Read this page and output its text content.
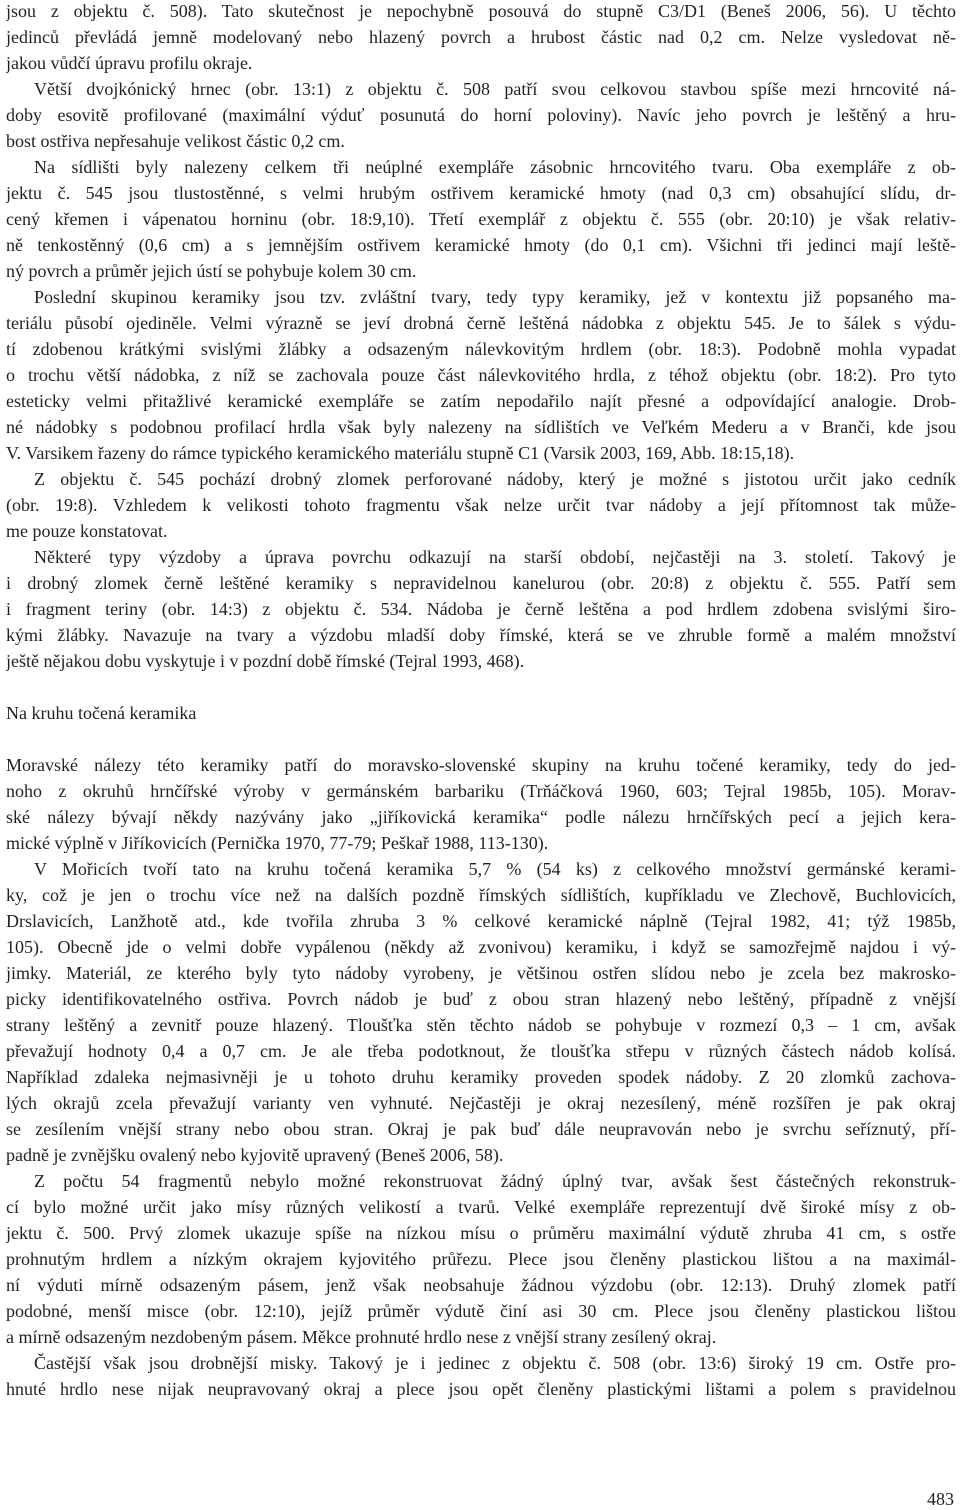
jsou z objektu č. 508). Tato skutečnost je nepochybně posouvá do stupně C3/D1 (Beneš 2006, 56). U těchto
jedinců převládá jemně modelovaný nebo hlazený povrch a hrubost částic nad 0,2 cm. Nelze vysledovat ně-
jakou vůdčí úpravu profilu okraje.
Větší dvojkónický hrnec (obr. 13:1) z objektu č. 508 patří svou celkovou stavbou spíše mezi hrncovité ná-
doby esovitě profilované (maximální výduť posunutá do horní poloviny). Navíc jeho povrch je leštěný a hru-
bost ostřiva nepřesahuje velikost částic 0,2 cm.
Na sídlišti byly nalezeny celkem tři neúplné exempláře zásobnic hrncovitého tvaru. Oba exempláře z ob-
jektu č. 545 jsou tlustostěnné, s velmi hrubým ostřivem keramické hmoty (nad 0,3 cm) obsahující slídu, dr-
cený křemen i vápenatou horninu (obr. 18:9,10). Třetí exemplář z objektu č. 555 (obr. 20:10) je však relativ-
ně tenkostěnný (0,6 cm) a s jemnějším ostřivem keramické hmoty (do 0,1 cm). Všichni tři jedinci mají leště-
ný povrch a průměr jejich ústí se pohybuje kolem 30 cm.
Poslední skupinou keramiky jsou tzv. zvláštní tvary, tedy typy keramiky, jež v kontextu již popsaného ma-
teriálu působí ojediněle. Velmi výrazně se jeví drobná černě leštěná nádobka z objektu 545. Je to šálek s výdu-
tí zdobenou krátkými svislými žlábky a odsazeným nálevkovitým hrdlem (obr. 18:3). Podobně mohla vypadat
o trochu větší nádobka, z níž se zachovala pouze část nálevkovitého hrdla, z téhož objektu (obr. 18:2). Pro tyto
esteticky velmi přitažlivé keramické exempláře se zatím nepodařilo najít přesné a odpovídající analogie. Drob-
né nádobky s podobnou profilací hrdla však byly nalezeny na sídlištích ve Veľkém Mederu a v Branči, kde jsou
V. Varsikem řazeny do rámce typického keramického materiálu stupně C1 (Varsik 2003, 169, Abb. 18:15,18).
Z objektu č. 545 pochází drobný zlomek perforované nádoby, který je možné s jistotou určit jako cedník
(obr. 19:8). Vzhledem k velikosti tohoto fragmentu však nelze určit tvar nádoby a její přítomnost tak může-
me pouze konstatovat.
Některé typy výzdoby a úprava povrchu odkazují na starší období, nejčastěji na 3. století. Takový je
i drobný zlomek černě leštěné keramiky s nepravidelnou kanelurou (obr. 20:8) z objektu č. 555. Patří sem
i fragment teriny (obr. 14:3) z objektu č. 534. Nádoba je černě leštěna a pod hrdlem zdobena svislými širo-
kými žlábky. Navazuje na tvary a výzdobu mladší doby římské, která se ve zhruble formě a malém množství
ještě nějakou dobu vyskytuje i v pozdní době římské (Tejral 1993, 468).
Na kruhu točená keramika
Moravské nálezy této keramiky patří do moravsko-slovenské skupiny na kruhu točené keramiky, tedy do jed-
noho z okruhů hrnčířské výroby v germánském barbariku (Trňáčková 1960, 603; Tejral 1985b, 105). Morav-
ské nálezy bývají někdy nazývány jako „jiříkovická keramika“ podle nálezu hrnčířských pecí a jejich kera-
mické výplně v Jiříkovicích (Pernička 1970, 77-79; Peškař 1988, 113-130).
V Mořicích tvoří tato na kruhu točená keramika 5,7 % (54 ks) z celkového množství germánské kerami-
ky, což je jen o trochu více než na dalších pozdně římských sídlištích, kupříkladu ve Zlechově, Buchlovicích,
Drslavicích, Lanžhotě atd., kde tvořila zhruba 3 % celkové keramické náplně (Tejral 1982, 41; týž 1985b,
105). Obecně jde o velmi dobře vypálenou (někdy až zvonivou) keramiku, i když se samozřejmě najdou i vý-
jimky. Materiál, ze kterého byly tyto nádoby vyrobeny, je většinou ostřen slídou nebo je zcela bez makrosko-
picky identifikovatelného ostřiva. Povrch nádob je buď z obou stran hlazený nebo leštěný, případně z vnější
strany leštěný a zevnitř pouze hlazený. Tloušťka stěn těchto nádob se pohybuje v rozmezí 0,3 – 1 cm, avšak
převažují hodnoty 0,4 a 0,7 cm. Je ale třeba podotknout, že tloušťka střepu v různých částech nádob kolísá.
Například zdaleka nejmasivněji je u tohoto druhu keramiky proveden spodek nádoby. Z 20 zlomků zachova-
lých okrajů zcela převažují varianty ven vyhnuté. Nejčastěji je okraj nezesílený, méně rozšířen je pak okraj
se zesílením vnější strany nebo obou stran. Okraj je pak buď dále neupravován nebo je svrchu seříznutý, pří-
padně je zvnějšku ovalený nebo kyjovitě upravený (Beneš 2006, 58).
Z počtu 54 fragmentů nebylo možné rekonstruovat žádný úplný tvar, avšak šest částečných rekonstruk-
cí bylo možné určit jako mísy různých velikostí a tvarů. Velké exempláře reprezentují dvě široké mísy z ob-
jektu č. 500. Prvý zlomek ukazuje spíše na nízkou mísu o průměru maximální výdutě zhruba 41 cm, s ostře
prohnutým hrdlem a nízkým okrajem kyjovitého průřezu. Plece jsou členěny plastickou lištou a na maximál-
ní výduti mírně odsazeným pásem, jenž však neobsahuje žádnou výzdobu (obr. 12:13). Druhý zlomek patří
podobné, menší misce (obr. 12:10), jejíž průměr výdutě činí asi 30 cm. Plece jsou členěny plastickou lištou
a mírně odsazeným nezdobeným pásem. Měkce prohnuté hrdlo nese z vnější strany zesílený okraj.
Častější však jsou drobnější misky. Takový je i jedinec z objektu č. 508 (obr. 13:6) široký 19 cm. Ostře pro-
hnuté hrdlo nese nijak neupravovaný okraj a plece jsou opět členěny plastickými lištami a polem s pravidelnou
483
